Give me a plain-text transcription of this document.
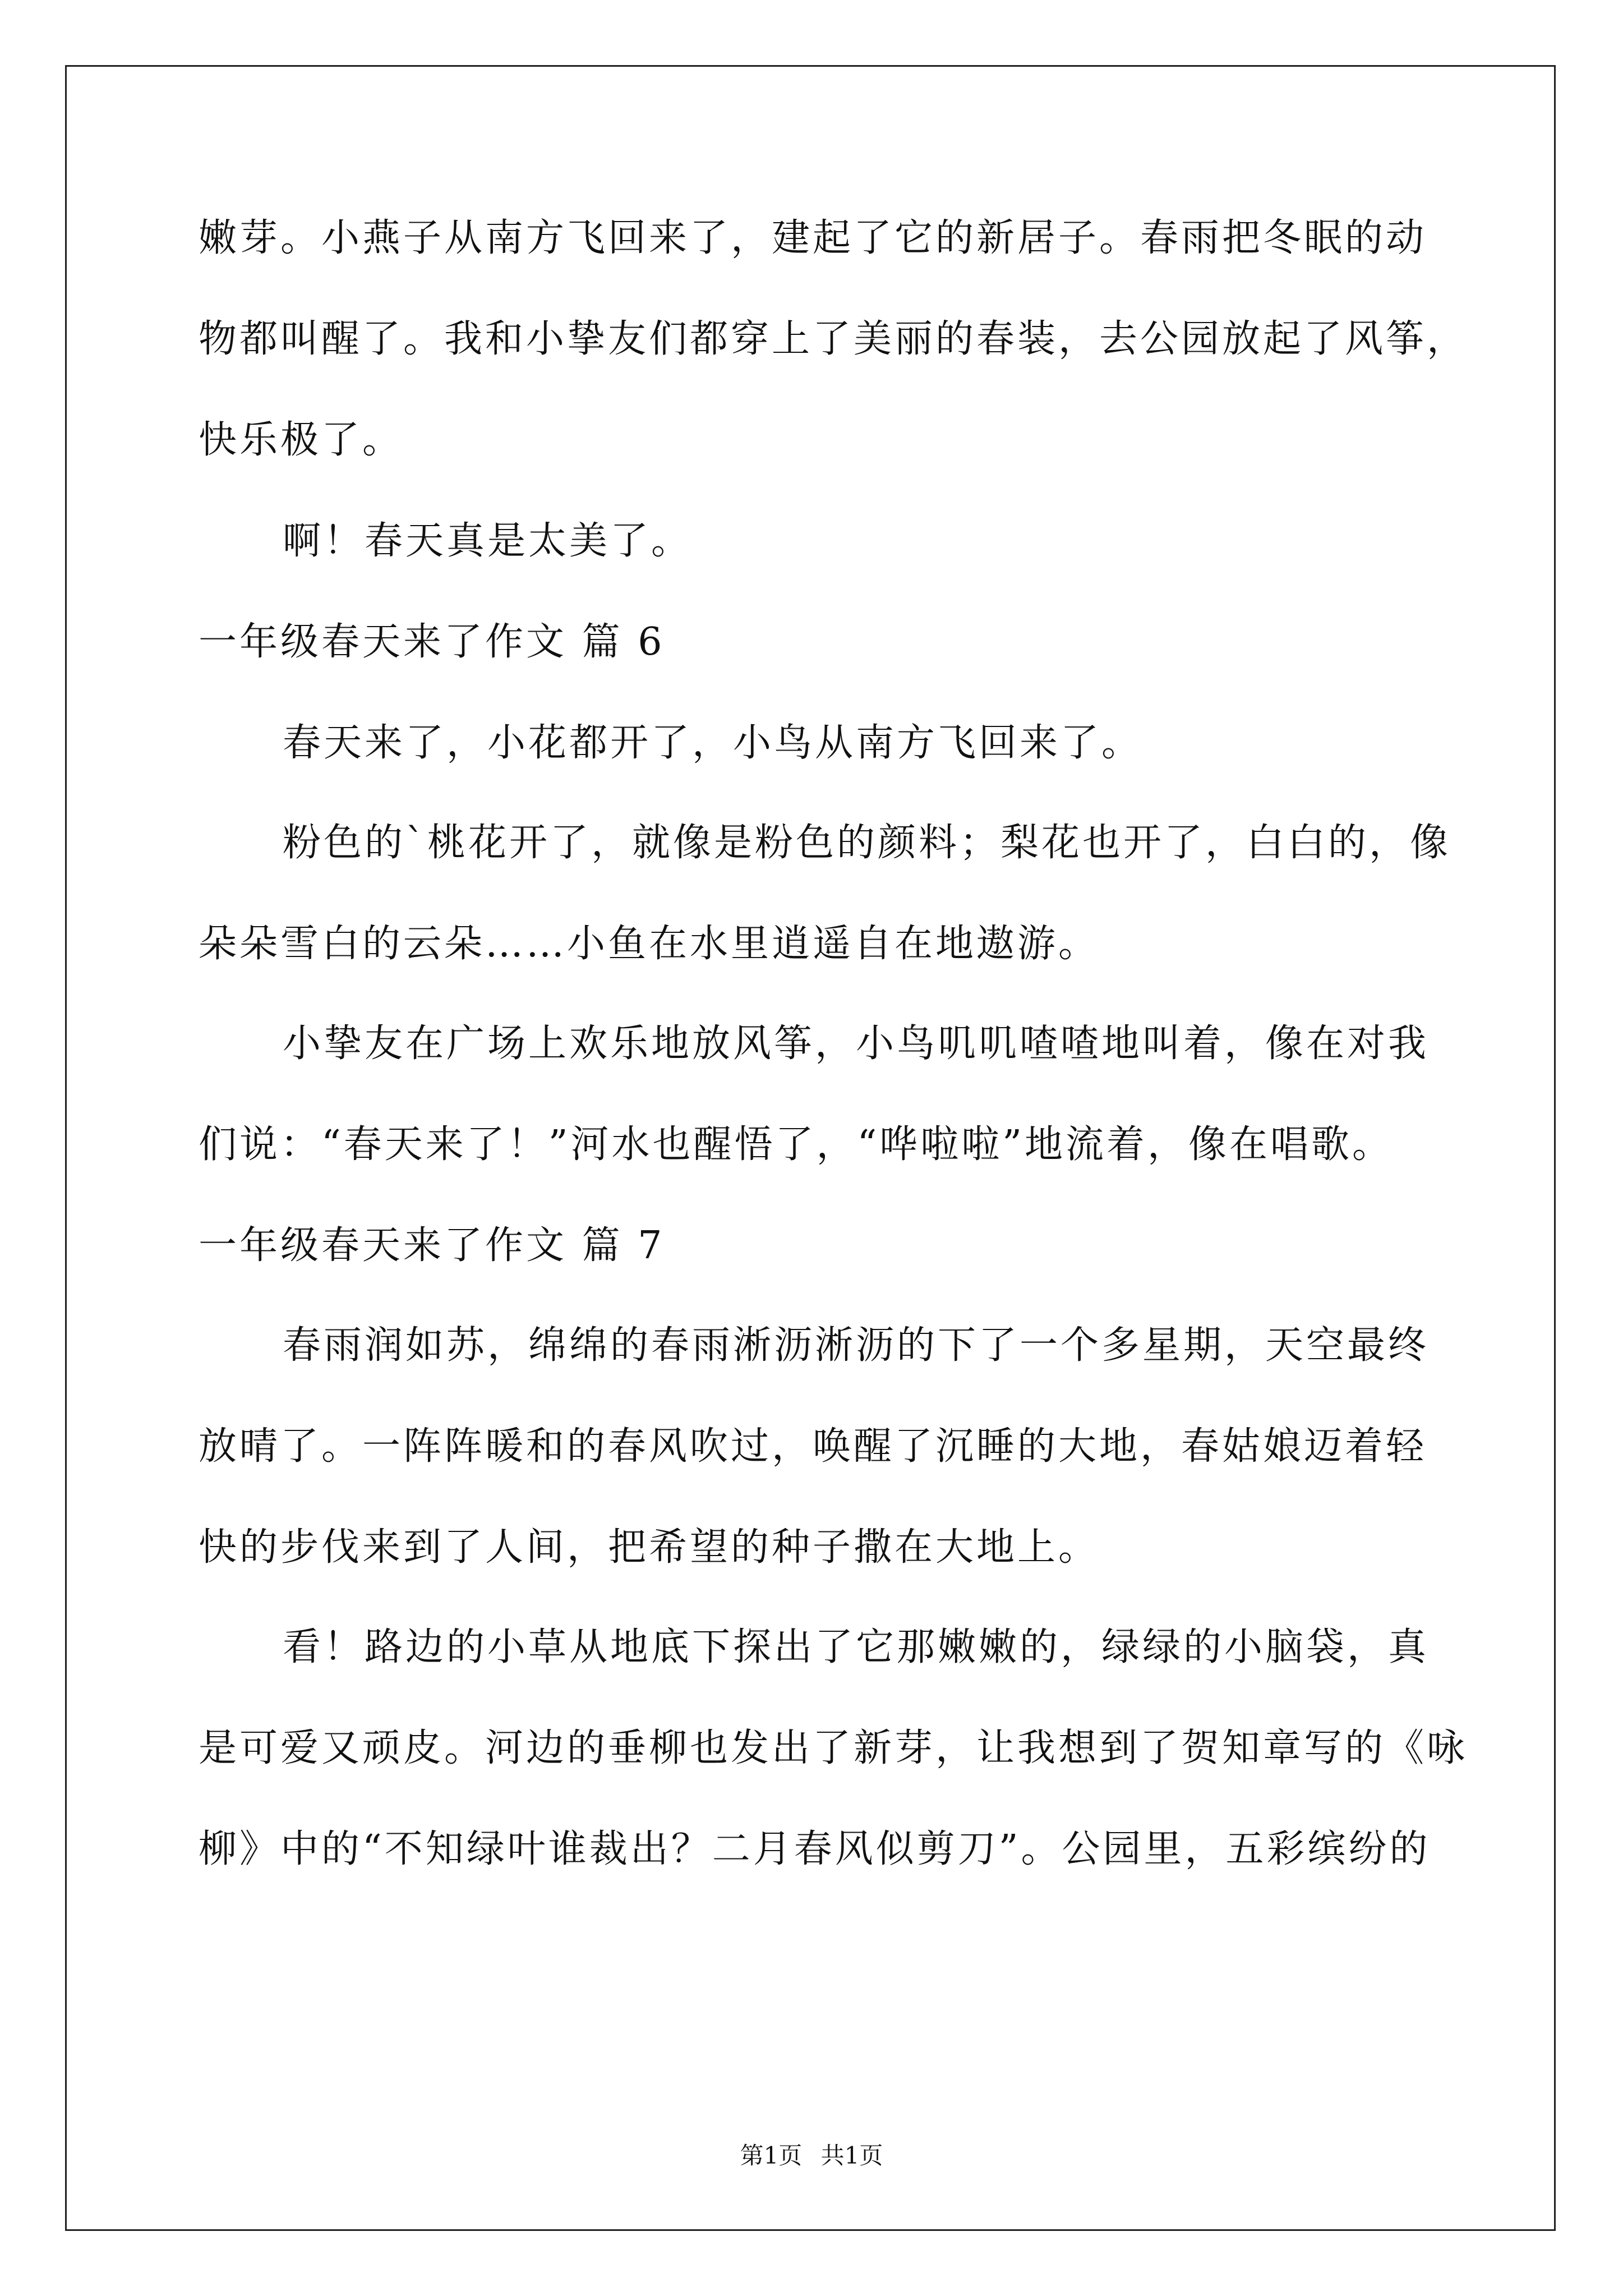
嫩芽。小燕子从南方飞回来了，建起了它的新居子。春雨把冬眠的动
物都叫醒了。我和小挚友们都穿上了美丽的春装，去公园放起了风筝，
快乐极了。
啊！春天真是太美了。
一年级春天来了作文 篇 6
春天来了，小花都开了，小鸟从南方飞回来了。
粉色的`桃花开了，就像是粉色的颜料；梨花也开了，白白的，像
朵朵雪白的云朵……小鱼在水里逍遥自在地遨游。
小挚友在广场上欢乐地放风筝，小鸟叽叽喳喳地叫着，像在对我
们说：“春天来了！”河水也醒悟了，“哗啦啦”地流着，像在唱歌。
一年级春天来了作文 篇 7
春雨润如苏，绵绵的春雨淅沥淅沥的下了一个多星期，天空最终
放晴了。一阵阵暖和的春风吹过，唤醒了沉睡的大地，春姑娘迈着轻
快的步伐来到了人间，把希望的种子撒在大地上。
看！路边的小草从地底下探出了它那嫩嫩的，绿绿的小脑袋，真
是可爱又顽皮。河边的垂柳也发出了新芽，让我想到了贺知章写的《咏
柳》中的“不知绿叶谁裁出？二月春风似剪刀”。公园里，五彩缤纷的
第1页 共1页
